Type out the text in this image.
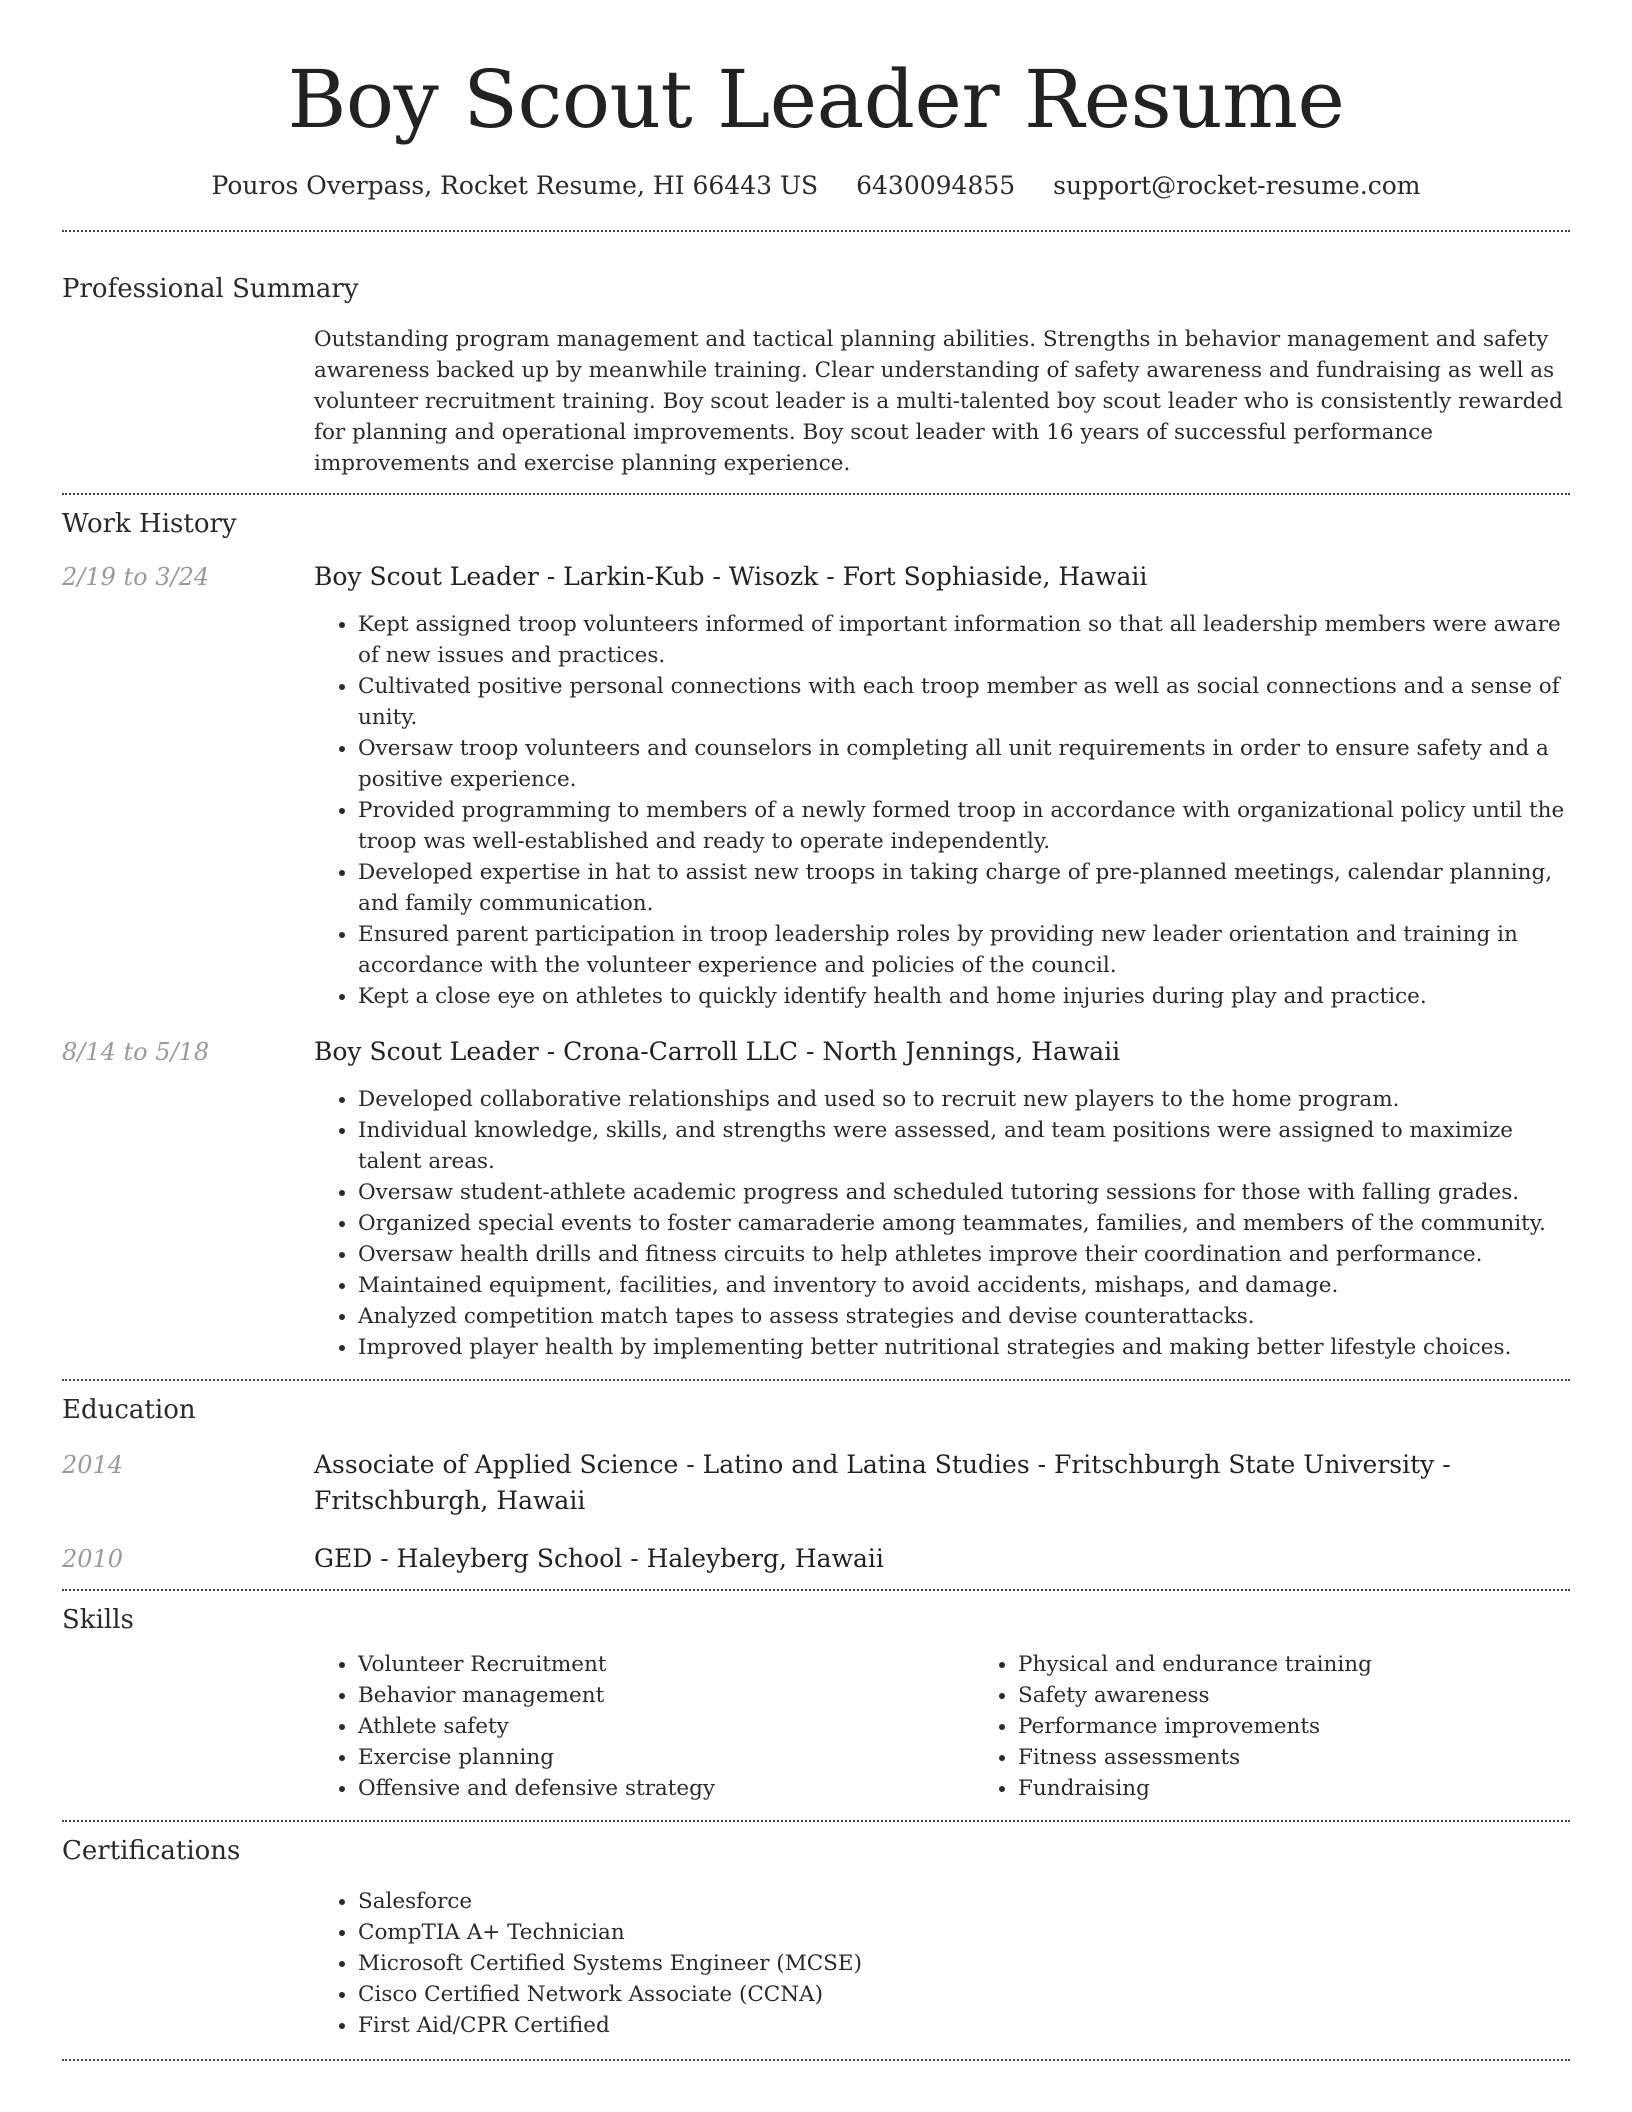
Boy Scout Leader Resume
Pouros Overpass, Rocket Resume, HI 66443 US 6430094855 support@rocket-resume.com
Professional Summary
Outstanding program management and tactical planning abilities. Strengths in behavior management and safety awareness backed up by meanwhile training. Clear understanding of safety awareness and fundraising as well as volunteer recruitment training. Boy scout leader is a multi-talented boy scout leader who is consistently rewarded for planning and operational improvements. Boy scout leader with 16 years of successful performance improvements and exercise planning experience.
Work History
2/19 to 3/24	Boy Scout Leader - Larkin-Kub - Wisozk - Fort Sophiaside, Hawaii
• Kept assigned troop volunteers informed of important information so that all leadership members were aware of new issues and practices.
• Cultivated positive personal connections with each troop member as well as social connections and a sense of unity.
• Oversaw troop volunteers and counselors in completing all unit requirements in order to ensure safety and a positive experience.
• Provided programming to members of a newly formed troop in accordance with organizational policy until the troop was well-established and ready to operate independently.
• Developed expertise in hat to assist new troops in taking charge of pre-planned meetings, calendar planning, and family communication.
• Ensured parent participation in troop leadership roles by providing new leader orientation and training in accordance with the volunteer experience and policies of the council.
• Kept a close eye on athletes to quickly identify health and home injuries during play and practice.
8/14 to 5/18	Boy Scout Leader - Crona-Carroll LLC - North Jennings, Hawaii
• Developed collaborative relationships and used so to recruit new players to the home program.
• Individual knowledge, skills, and strengths were assessed, and team positions were assigned to maximize talent areas.
• Oversaw student-athlete academic progress and scheduled tutoring sessions for those with falling grades.
• Organized special events to foster camaraderie among teammates, families, and members of the community.
• Oversaw health drills and fitness circuits to help athletes improve their coordination and performance.
• Maintained equipment, facilities, and inventory to avoid accidents, mishaps, and damage.
• Analyzed competition match tapes to assess strategies and devise counterattacks.
• Improved player health by implementing better nutritional strategies and making better lifestyle choices.
Education
2014	Associate of Applied Science - Latino and Latina Studies - Fritschburgh State University - Fritschburgh, Hawaii
2010	GED - Haleyberg School - Haleyberg, Hawaii
Skills
• Volunteer Recruitment
• Behavior management
• Athlete safety
• Exercise planning
• Offensive and defensive strategy
• Physical and endurance training
• Safety awareness
• Performance improvements
• Fitness assessments
• Fundraising
Certifications
• Salesforce
• CompTIA A+ Technician
• Microsoft Certified Systems Engineer (MCSE)
• Cisco Certified Network Associate (CCNA)
• First Aid/CPR Certified
